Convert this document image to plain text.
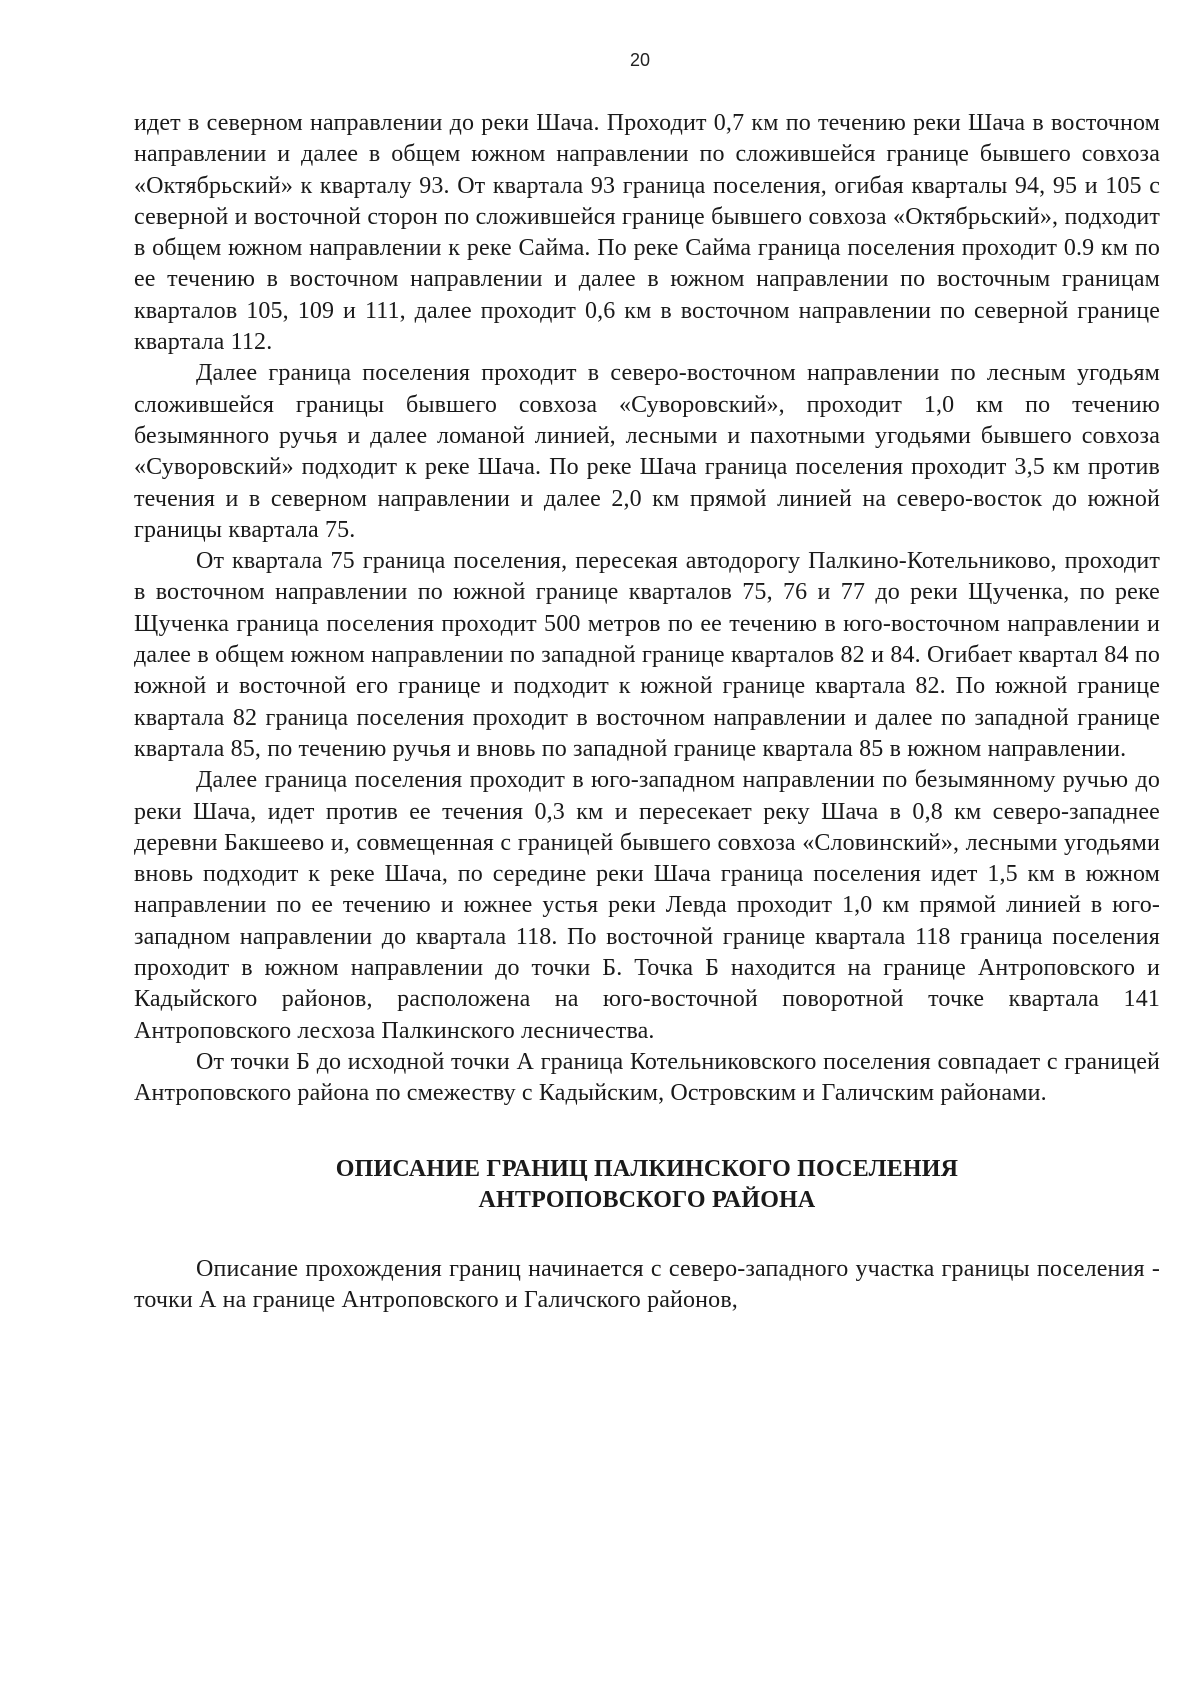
20

идет в северном направлении до реки Шача. Проходит 0,7 км по течению реки Шача в восточном направлении и далее в общем южном направлении по сложившейся границе бывшего совхоза «Октябрьский» к кварталу 93. От квартала 93 граница поселения, огибая кварталы 94, 95 и 105 с северной и восточной сторон по сложившейся границе бывшего совхоза «Октябрьский», подходит в общем южном направлении к реке Сайма. По реке Сайма граница поселения проходит 0.9 км по ее течению в восточном направлении и далее в южном направлении по восточным границам кварталов 105, 109 и 111, далее проходит 0,6 км в восточном направлении по северной границе квартала 112.

Далее граница поселения проходит в северо-восточном направлении по лесным угодьям сложившейся границы бывшего совхоза «Суворовский», проходит 1,0 км по течению безымянного ручья и далее ломаной линией, лесными и пахотными угодьями бывшего совхоза «Суворовский» подходит к реке Шача. По реке Шача граница поселения проходит 3,5 км против течения и в северном направлении и далее 2,0 км прямой линией на северо-восток до южной границы квартала 75.

От квартала 75 граница поселения, пересекая автодорогу Палкино-Котельниково, проходит в восточном направлении по южной границе кварталов 75, 76 и 77 до реки Щученка, по реке Щученка граница поселения проходит 500 метров по ее течению в юго-восточном направлении и далее в общем южном направлении по западной границе кварталов 82 и 84. Огибает квартал 84 по южной и восточной его границе и подходит к южной границе квартала 82. По южной границе квартала 82 граница поселения проходит в восточном направлении и далее по западной границе квартала 85, по течению ручья и вновь по западной границе квартала 85 в южном направлении.

Далее граница поселения проходит в юго-западном направлении по безымянному ручью до реки Шача, идет против ее течения 0,3 км и пересекает реку Шача в 0,8 км северо-западнее деревни Бакшеево и, совмещенная с границей бывшего совхоза «Словинский», лесными угодьями вновь подходит к реке Шача, по середине реки Шача граница поселения идет 1,5 км в южном направлении по ее течению и южнее устья реки Левда проходит 1,0 км прямой линией в юго-западном направлении до квартала 118. По восточной границе квартала 118 граница поселения проходит в южном направлении до точки Б. Точка Б находится на границе Антроповского и Кадыйского районов, расположена на юго-восточной поворотной точке квартала 141 Антроповского лесхоза Палкинского лесничества.

От точки Б до исходной точки А граница Котельниковского поселения совпадает с границей Антроповского района по смежеству с Кадыйским, Островским и Галичским районами.

ОПИСАНИЕ ГРАНИЦ ПАЛКИНСКОГО ПОСЕЛЕНИЯ
АНТРОПОВСКОГО РАЙОНА

Описание прохождения границ начинается с северо-западного участка границы поселения - точки А на границе Антроповского и Галичского районов,
